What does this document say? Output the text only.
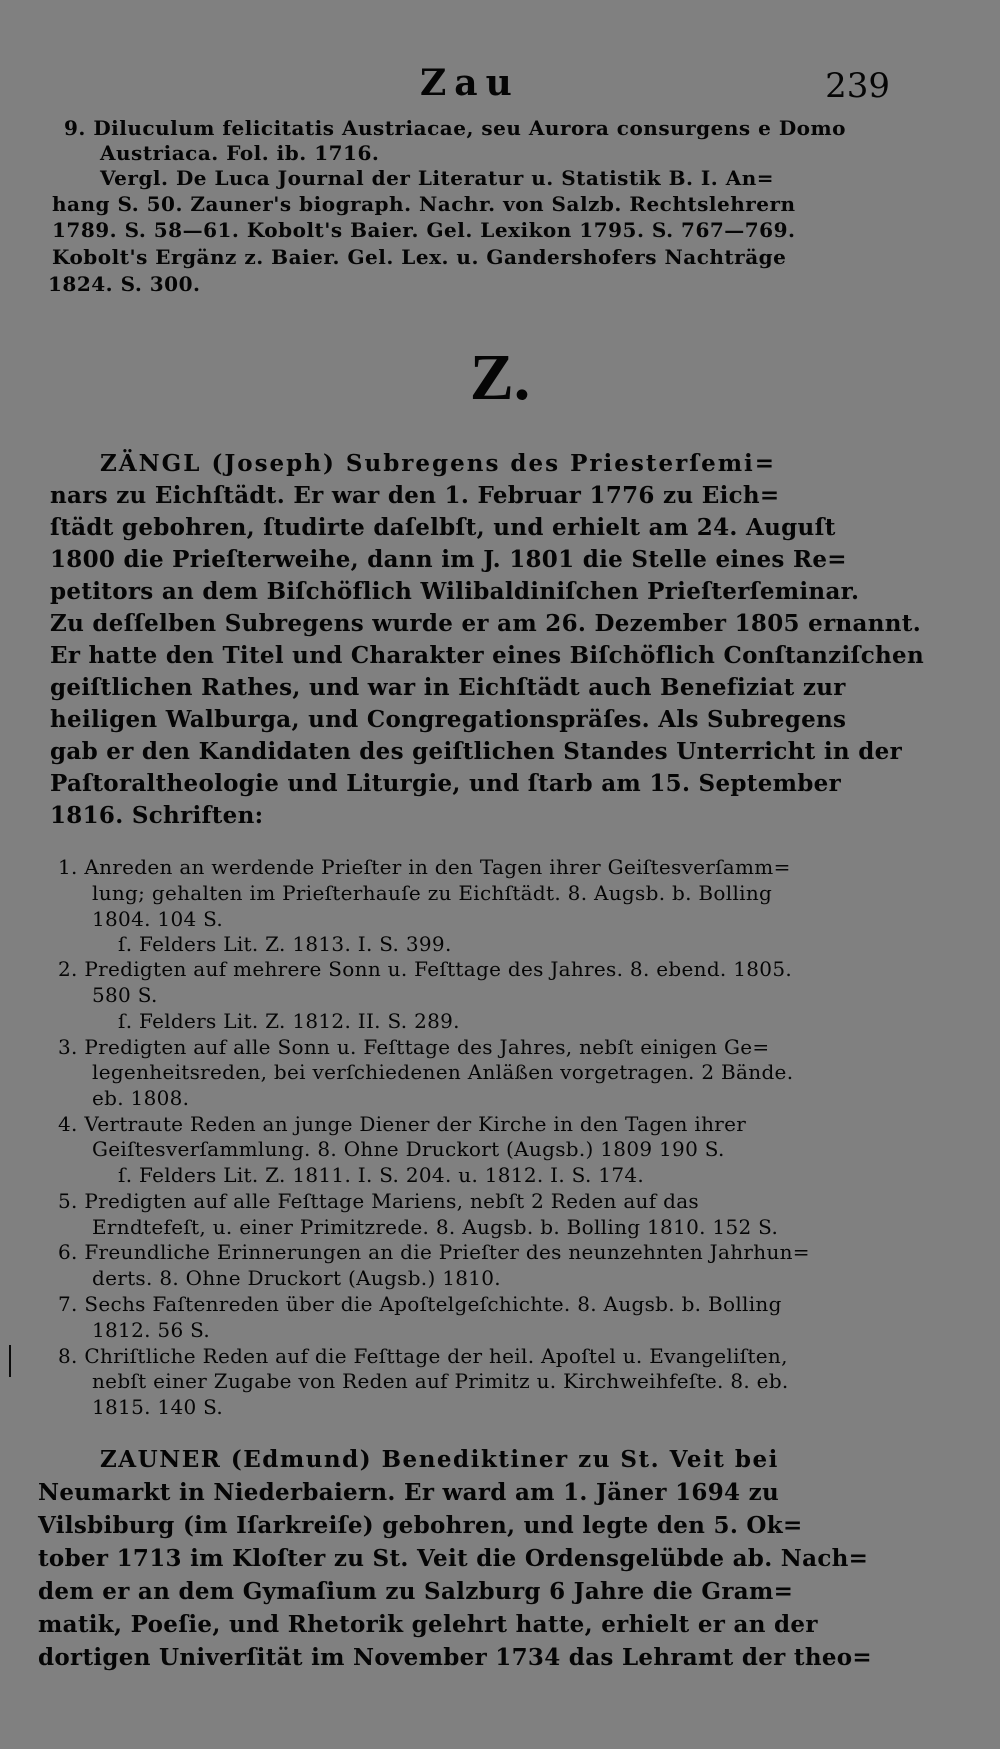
Zau	239
9. Diluculum felicitatis Austriacae, seu Aurora consurgens e Domo
Austriaca. Fol. ib. 1716.
Vergl. De Luca Journal der Literatur u. Statistik B. I. An=
hang S. 50. Zauner's biograph. Nachr. von Salzb. Rechtslehrern
1789. S. 58—61. Kobolt's Baier. Gel. Lexikon 1795. S. 767—769.
Kobolt's Ergänz z. Baier. Gel. Lex. u. Gandershofers Nachträge
1824. S. 300.
Z.
ZÄNGL (Joseph) Subregens des Priesterſemi=
nars zu Eichſtädt. Er war den 1. Februar 1776 zu Eich=
ſtädt gebohren, ſtudirte daſelbſt, und erhielt am 24. Auguſt
1800 die Prieſterweihe, dann im J. 1801 die Stelle eines Re=
petitors an dem Biſchöflich Wilibaldiniſchen Prieſterſeminar.
Zu deſſelben Subregens wurde er am 26. Dezember 1805 ernannt.
Er hatte den Titel und Charakter eines Biſchöflich Conſtanziſchen
geiſtlichen Rathes, und war in Eichſtädt auch Benefiziat zur
heiligen Walburga, und Congregationspräſes. Als Subregens
gab er den Kandidaten des geiſtlichen Standes Unterricht in der
Paſtoraltheologie und Liturgie, und ſtarb am 15. September
1816. Schriften:
1. Anreden an werdende Prieſter in den Tagen ihrer Geiſtesverſamm=
lung; gehalten im Prieſterhauſe zu Eichſtädt. 8. Augsb. b. Bolling
1804. 104 S.
ſ. Felders Lit. Z. 1813. I. S. 399.
2. Predigten auf mehrere Sonn u. Feſttage des Jahres. 8. ebend. 1805.
580 S.
ſ. Felders Lit. Z. 1812. II. S. 289.
3. Predigten auf alle Sonn u. Feſttage des Jahres, nebſt einigen Ge=
legenheitsreden, bei verſchiedenen Anläßen vorgetragen. 2 Bände.
eb. 1808.
4. Vertraute Reden an junge Diener der Kirche in den Tagen ihrer
Geiſtesverſammlung. 8. Ohne Druckort (Augsb.) 1809 190 S.
ſ. Felders Lit. Z. 1811. I. S. 204. u. 1812. I. S. 174.
5. Predigten auf alle Feſttage Mariens, nebſt 2 Reden auf das
Erndtefeſt, u. einer Primitzrede. 8. Augsb. b. Bolling 1810. 152 S.
6. Freundliche Erinnerungen an die Prieſter des neunzehnten Jahrhun=
derts. 8. Ohne Druckort (Augsb.) 1810.
7. Sechs Faſtenreden über die Apoſtelgeſchichte. 8. Augsb. b. Bolling
1812. 56 S.
8. Chriſtliche Reden auf die Feſttage der heil. Apoſtel u. Evangeliſten,
nebſt einer Zugabe von Reden auf Primitz u. Kirchweihfeſte. 8. eb.
1815. 140 S.
ZAUNER (Edmund) Benediktiner zu St. Veit bei
Neumarkt in Niederbaiern. Er ward am 1. Jäner 1694 zu
Vilsbiburg (im Iſarkreiſe) gebohren, und legte den 5. Ok=
tober 1713 im Kloſter zu St. Veit die Ordensgelübde ab. Nach=
dem er an dem Gymaſium zu Salzburg 6 Jahre die Gram=
matik, Poeſie, und Rhetorik gelehrt hatte, erhielt er an der
dortigen Univerſität im November 1734 das Lehramt der theo=
